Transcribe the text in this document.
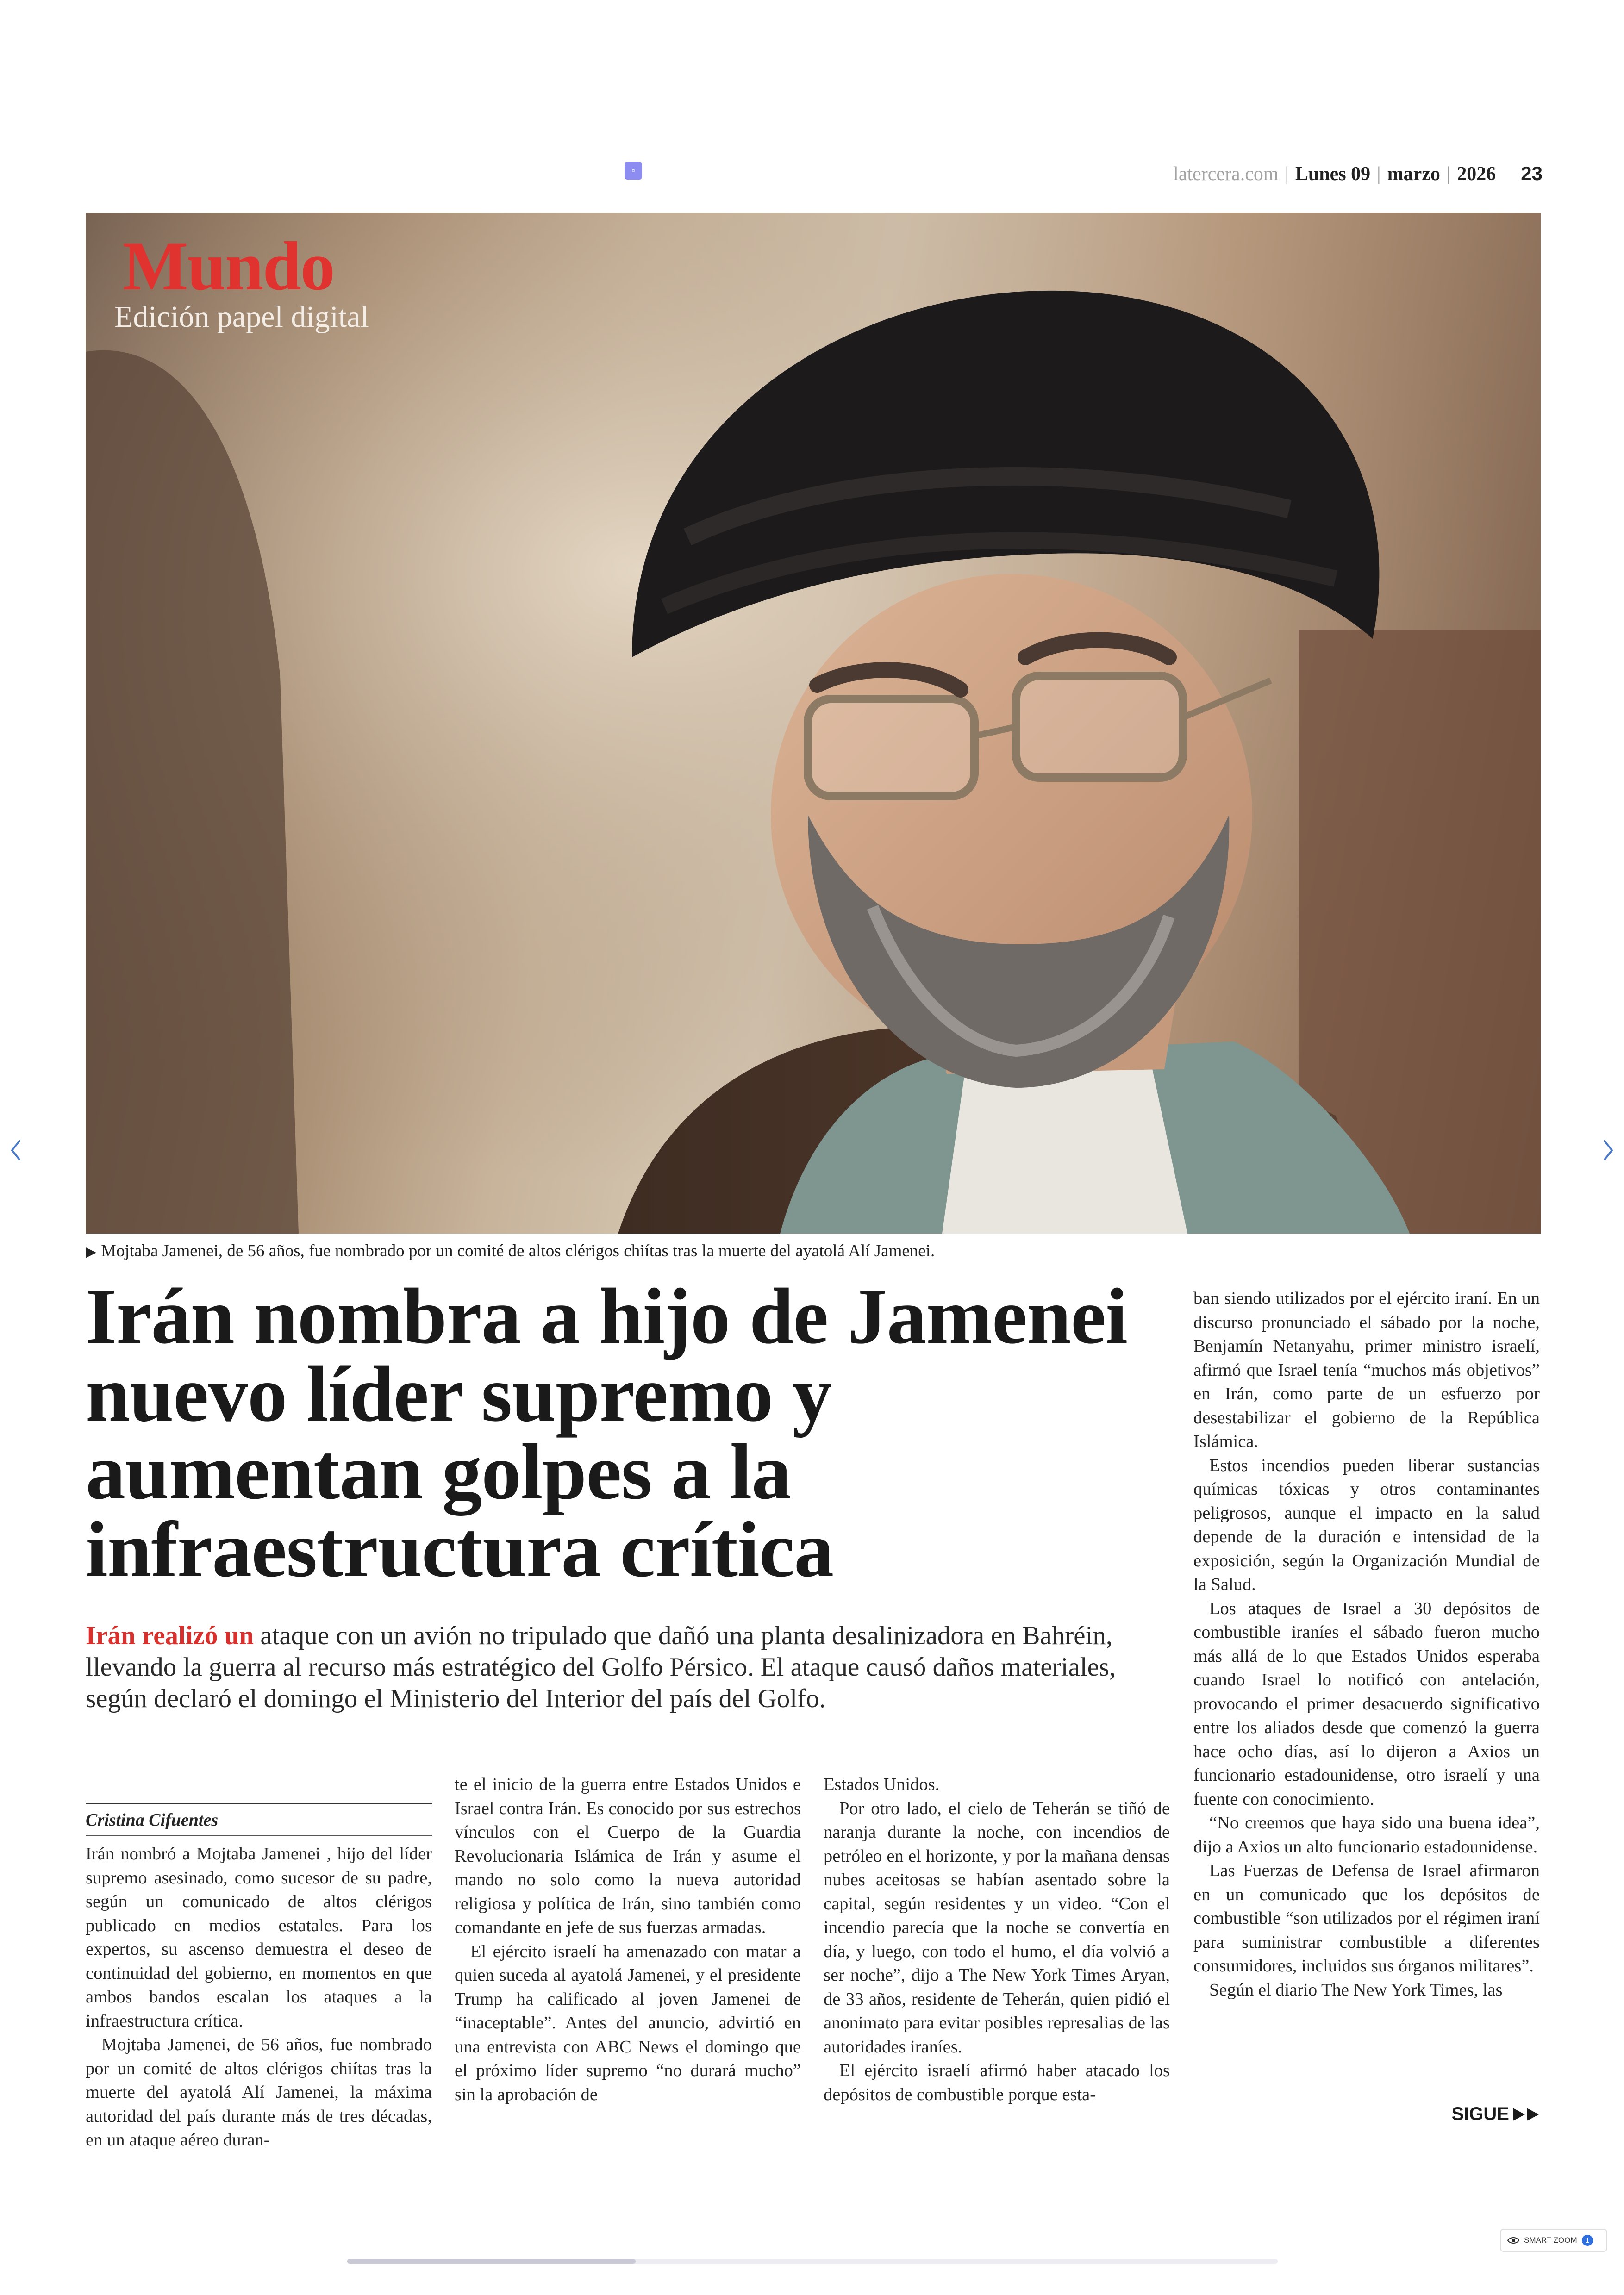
▫	latercera.com | Lunes 09 | marzo | 2026 23
Mundo
Edición papel digital
▶ Mojtaba Jamenei, de 56 años, fue nombrado por un comité de altos clérigos chiítas tras la muerte del ayatolá Alí Jamenei.
Irán nombra a hijo de Jamenei nuevo líder supremo y aumentan golpes a la infraestructura crítica

Irán realizó un ataque con un avión no tripulado que dañó una planta desalinizadora en Bahréin, llevando la guerra al recurso más estratégico del Golfo Pérsico. El ataque causó daños materiales, según declaró el domingo el Ministerio del Interior del país del Golfo.

Cristina Cifuentes

Irán nombró a Mojtaba Jamenei , hijo del líder supremo asesinado, como sucesor de su padre, según un comunicado de altos clérigos publicado en medios estatales. Para los expertos, su ascenso demuestra el deseo de continuidad del gobierno, en momentos en que ambos bandos escalan los ataques a la infraestructura crítica.

Mojtaba Jamenei, de 56 años, fue nombrado por un comité de altos clérigos chiítas tras la muerte del ayatolá Alí Jamenei, la máxima autoridad del país durante más de tres décadas, en un ataque aéreo duran-

te el inicio de la guerra entre Estados Unidos e Israel contra Irán. Es conocido por sus estrechos vínculos con el Cuerpo de la Guardia Revolucionaria Islámica de Irán y asume el mando no solo como la nueva autoridad religiosa y política de Irán, sino también como comandante en jefe de sus fuerzas armadas.

El ejército israelí ha amenazado con matar a quien suceda al ayatolá Jamenei, y el presidente Trump ha calificado al joven Jamenei de “inaceptable”. Antes del anuncio, advirtió en una entrevista con ABC News el domingo que el próximo líder supremo “no durará mucho” sin la aprobación de

Estados Unidos.

Por otro lado, el cielo de Teherán se tiñó de naranja durante la noche, con incendios de petróleo en el horizonte, y por la mañana densas nubes aceitosas se habían asentado sobre la capital, según residentes y un video. “Con el incendio parecía que la noche se convertía en día, y luego, con todo el humo, el día volvió a ser noche”, dijo a The New York Times Aryan, de 33 años, residente de Teherán, quien pidió el anonimato para evitar posibles represalias de las autoridades iraníes.

El ejército israelí afirmó haber atacado los depósitos de combustible porque esta-

ban siendo utilizados por el ejército iraní. En un discurso pronunciado el sábado por la noche, Benjamín Netanyahu, primer ministro israelí, afirmó que Israel tenía “muchos más objetivos” en Irán, como parte de un esfuerzo por desestabilizar el gobierno de la República Islámica.

Estos incendios pueden liberar sustancias químicas tóxicas y otros contaminantes peligrosos, aunque el impacto en la salud depende de la duración e intensidad de la exposición, según la Organización Mundial de la Salud.

Los ataques de Israel a 30 depósitos de combustible iraníes el sábado fueron mucho más allá de lo que Estados Unidos esperaba cuando Israel lo notificó con antelación, provocando el primer desacuerdo significativo entre los aliados desde que comenzó la guerra hace ocho días, así lo dijeron a Axios un funcionario estadounidense, otro israelí y una fuente con conocimiento.

“No creemos que haya sido una buena idea”, dijo a Axios un alto funcionario estadounidense.

Las Fuerzas de Defensa de Israel afirmaron en un comunicado que los depósitos de combustible “son utilizados por el régimen iraní para suministrar combustible a diferentes consumidores, incluidos sus órganos militares”.

Según el diario The New York Times, las

SIGUE
SMART ZOOM	1
